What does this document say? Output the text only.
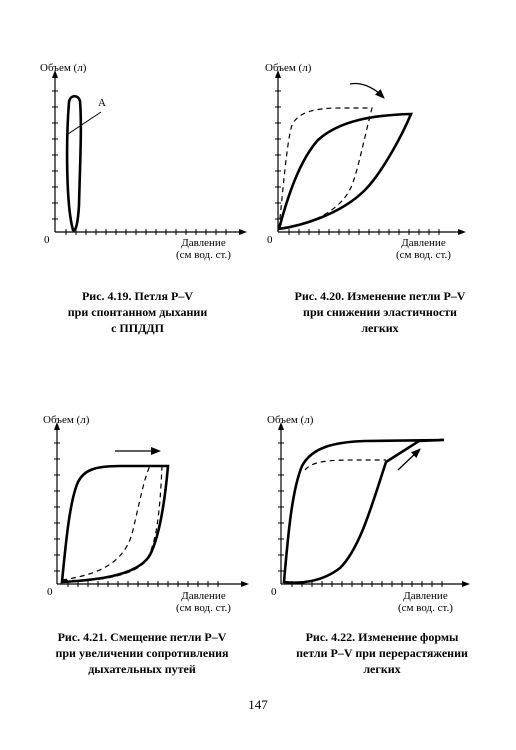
Объем (л)
A
0	Давление
(см вод. ст.)
Рис. 4.19. Петля P–V
при спонтанном дыхании
с ППДДП
Объем (л)
0	Давление
(см вод. ст.)
Рис. 4.20. Изменение петли P–V
при снижении эластичности
легких
Объем (л)
0	Давление
(см вод. ст.)
Рис. 4.21. Смещение петли P–V
при увеличении сопротивления
дыхательных путей
Объем (л)
0	Давление
(см вод. ст.)
Рис. 4.22. Изменение формы
петли P–V при перерастяжении
легких
147
